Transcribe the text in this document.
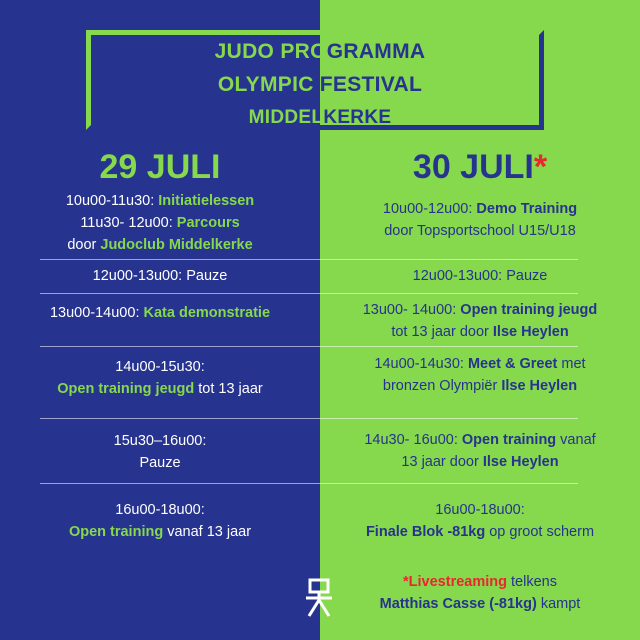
JUDO PROGRAMMA
OLYMPIC FESTIVAL
MIDDELKERKE
29 JULI	30 JULI*
10u00-11u30: Initiatielessen
11u30- 12u00: Parcours
door Judoclub Middelkerke
12u00-13u00: Pauze
13u00-14u00: Kata demonstratie
14u00-15u30:
Open training jeugd tot 13 jaar
15u30–16u00:
Pauze
16u00-18u00:
Open training vanaf 13 jaar
10u00-12u00: Demo Training
door Topsportschool U15/U18
12u00-13u00: Pauze
13u00- 14u00: Open training jeugd
tot 13 jaar door Ilse Heylen
14u00-14u30: Meet & Greet met
bronzen Olympiër Ilse Heylen
14u30- 16u00: Open training vanaf
13 jaar door Ilse Heylen
16u00-18u00:
Finale Blok -81kg op groot scherm
*Livestreaming telkens
Matthias Casse (-81kg) kampt
